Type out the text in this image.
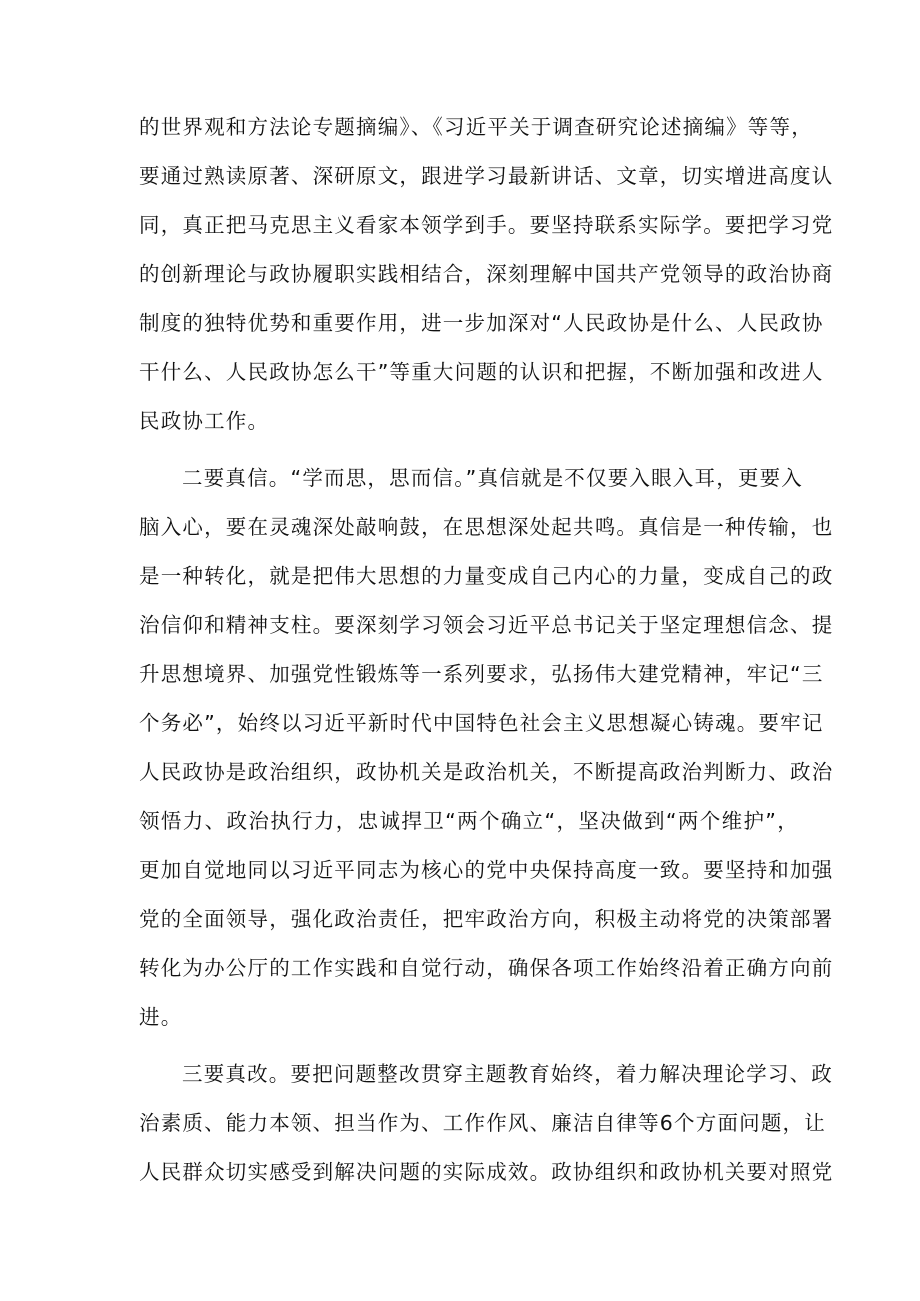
的世界观和方法论专题摘编》、《习近平关于调查研究论述摘编》等等，
要通过熟读原著、深研原文，跟进学习最新讲话、文章，切实增进高度认
同，真正把马克思主义看家本领学到手。要坚持联系实际学。要把学习党
的创新理论与政协履职实践相结合，深刻理解中国共产党领导的政治协商
制度的独特优势和重要作用，进一步加深对“人民政协是什么、人民政协
干什么、人民政协怎么干”等重大问题的认识和把握，不断加强和改进人
民政协工作。
二要真信。“学而思，思而信。”真信就是不仅要入眼入耳，更要入
脑入心，要在灵魂深处敲响鼓，在思想深处起共鸣。真信是一种传输，也
是一种转化，就是把伟大思想的力量变成自己内心的力量，变成自己的政
治信仰和精神支柱。要深刻学习领会习近平总书记关于坚定理想信念、提
升思想境界、加强党性锻炼等一系列要求，弘扬伟大建党精神，牢记“三
个务必”，始终以习近平新时代中国特色社会主义思想凝心铸魂。要牢记
人民政协是政治组织，政协机关是政治机关，不断提高政治判断力、政治
领悟力、政治执行力，忠诚捍卫“两个确立“，坚决做到“两个维护”，
更加自觉地同以习近平同志为核心的党中央保持高度一致。要坚持和加强
党的全面领导，强化政治责任，把牢政治方向，积极主动将党的决策部署
转化为办公厅的工作实践和自觉行动，确保各项工作始终沿着正确方向前
进。
三要真改。要把问题整改贯穿主题教育始终，着力解决理论学习、政
治素质、能力本领、担当作为、工作作风、廉洁自律等6个方面问题，让
人民群众切实感受到解决问题的实际成效。政协组织和政协机关要对照党
